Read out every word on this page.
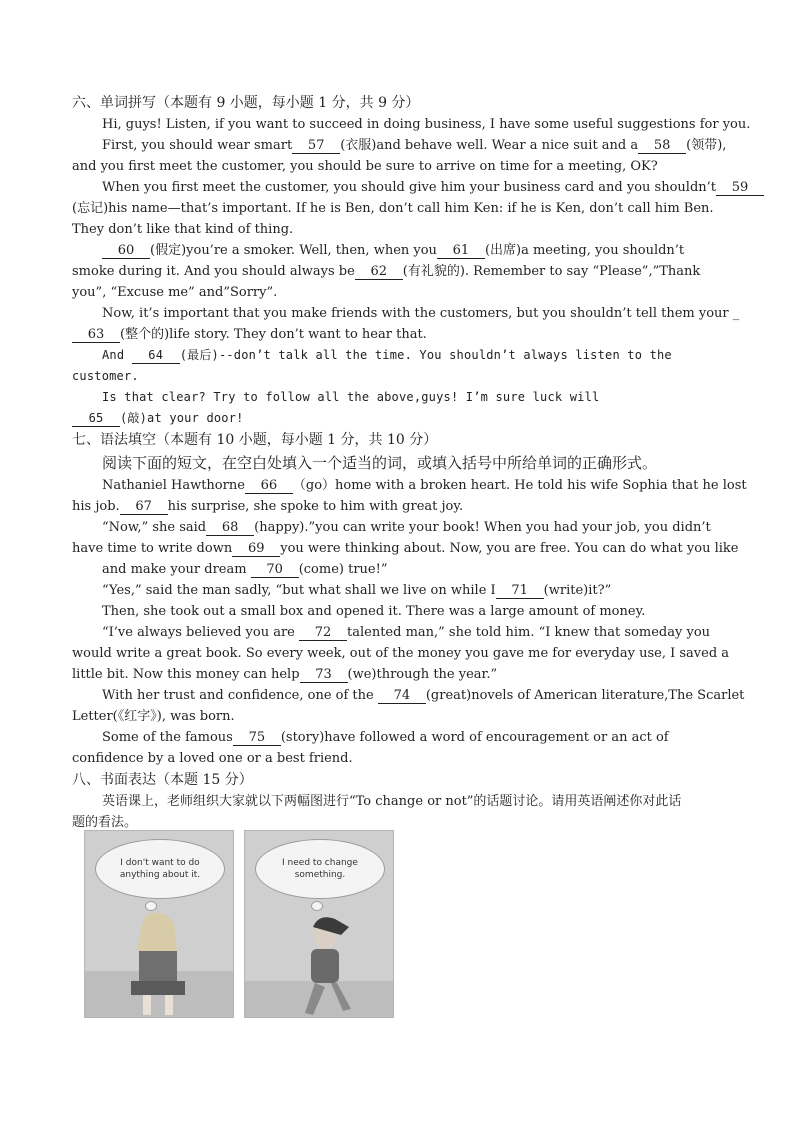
六、单词拼写（本题有 9 小题，每小题 1 分，共 9 分）
Hi, guys! Listen, if you want to succeed in doing business, I have some useful suggestions for you.
First, you should wear smart 57 (衣服)and behave well. Wear a nice suit and a 58 (领带),
and you first meet the customer, you should be sure to arrive on time for a meeting, OK?
When you first meet the customer, you should give him your business card and you shouldn’t 59
(忘记)his name—that’s important. If he is Ben, don’t call him Ken: if he is Ken, don’t call him Ben.
They don’t like that kind of thing.
60 (假定)you’re a smoker. Well, then, when you 61 (出席)a meeting, you shouldn’t
smoke during it. And you should always be 62 (有礼貌的). Remember to say “Please”,”Thank
you”, “Excuse me” and”Sorry”.
Now, it’s important that you make friends with the customers, but you shouldn’t tell them your _
63 (整个的)life story. They don’t want to hear that.
And 64 (最后)--don’t talk all the time. You shouldn’t always listen to the
customer.
Is that clear? Try to follow all the above,guys! I’m sure luck will
65 (敲)at your door!
七、语法填空（本题有 10 小题，每小题 1 分，共 10 分）
阅读下面的短文，在空白处填入一个适当的词，或填入括号中所给单词的正确形式。
Nathaniel Hawthorne 66 （go）home with a broken heart. He told his wife Sophia that he lost
his job. 67 his surprise, she spoke to him with great joy.
“Now,” she said 68 (happy).”you can write your book! When you had your job, you didn’t
have time to write down 69 you were thinking about. Now, you are free. You can do what you like
and make your dream 70 (come) true!”
“Yes,” said the man sadly, “but what shall we live on while I 71 (write)it?”
Then, she took out a small box and opened it. There was a large amount of money.
“I’ve always believed you are 72 talented man,” she told him. “I knew that someday you
would write a great book. So every week, out of the money you gave me for everyday use, I saved a
little bit. Now this money can help 73 (we)through the year.”
With her trust and confidence, one of the 74 (great)novels of American literature,The Scarlet
Letter(《红字》), was born.
Some of the famous 75 (story)have followed a word of encouragement or an act of
confidence by a loved one or a best friend.
八、书面表达（本题 15 分）
英语课上，老师组织大家就以下两幅图进行“To change or not”的话题讨论。请用英语阐述你对此话
题的看法。
I don't want to do anything about it.
I need to change something.
